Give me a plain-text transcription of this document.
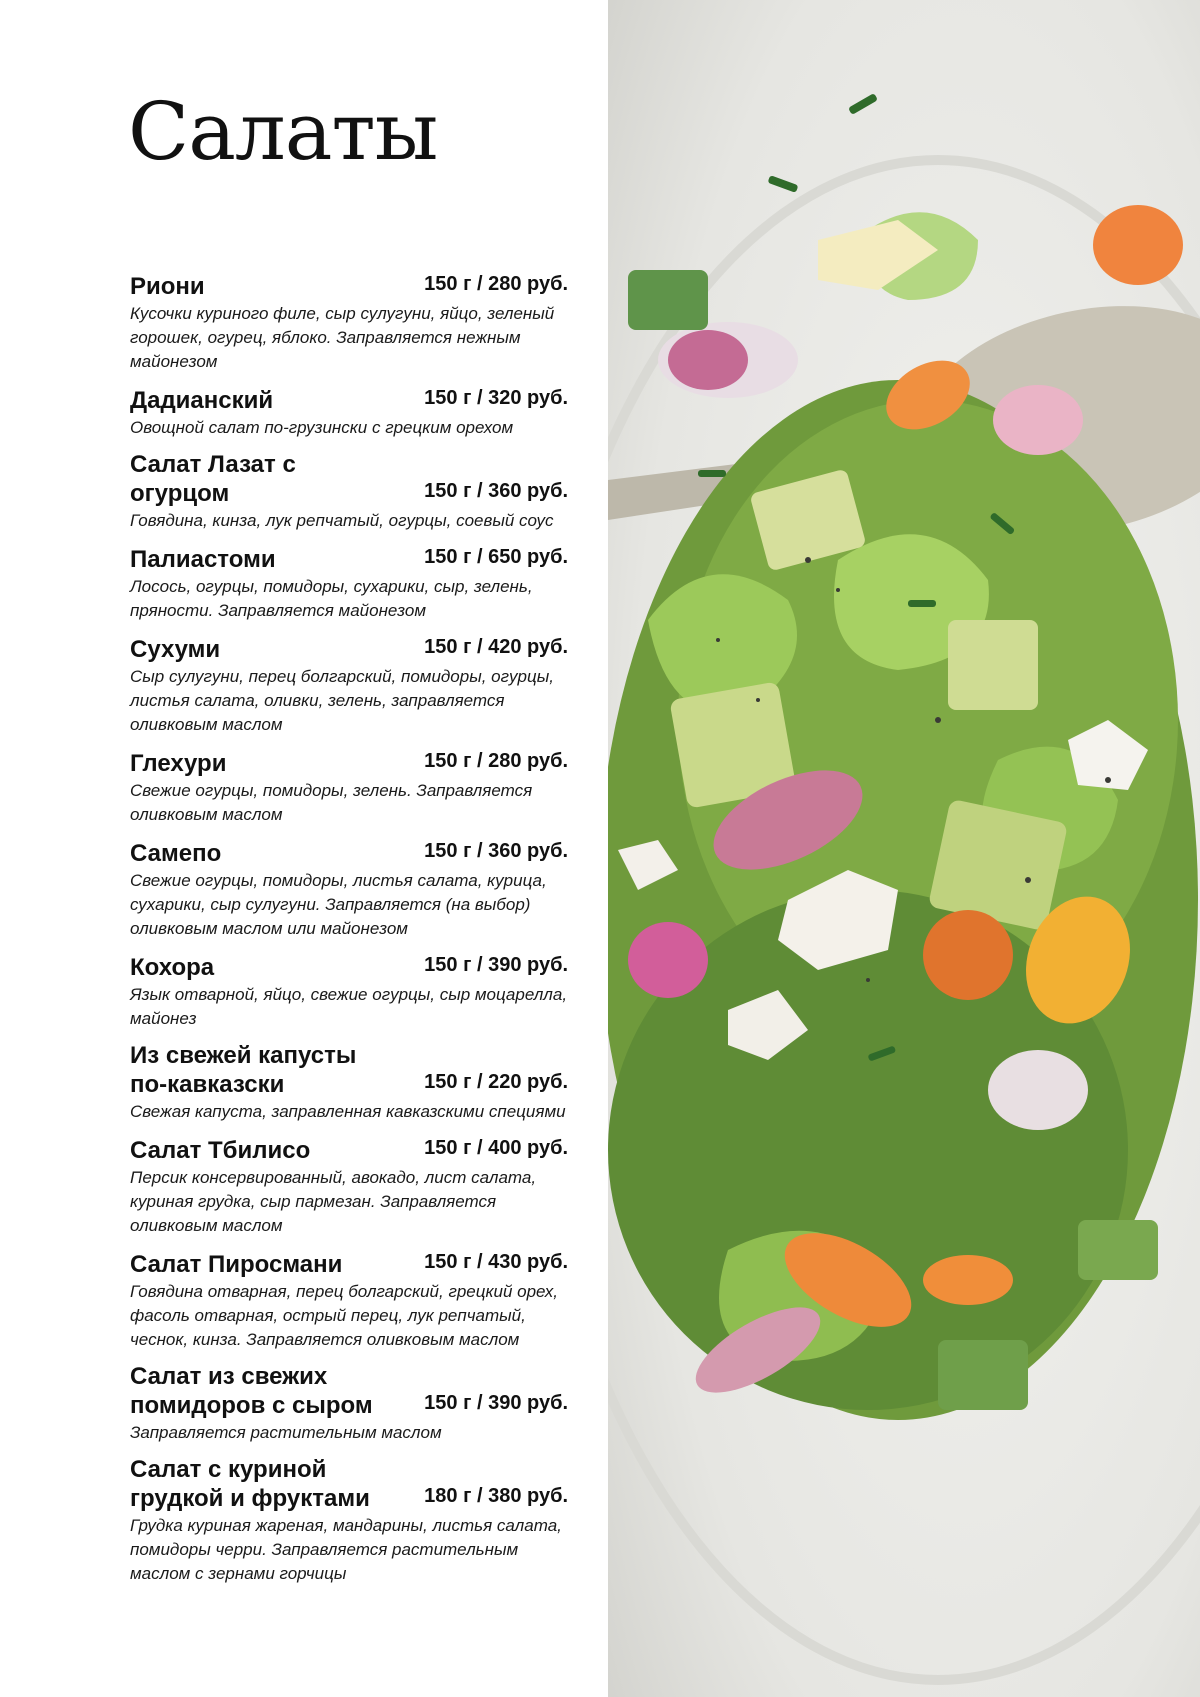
Салаты
Риони	150 г / 280 руб.
Кусочки куриного филе, сыр сулугуни, яйцо, зеленый горошек, огурец, яблоко. Заправляется нежным майонезом
Дадианский	150 г / 320 руб.
Овощной салат по-грузински с грецким орехом
Салат Лазат с огурцом	150 г / 360 руб.
Говядина, кинза, лук репчатый, огурцы, соевый соус
Палиастоми	150 г / 650 руб.
Лосось, огурцы, помидоры, сухарики, сыр, зелень, пряности. Заправляется майонезом
Сухуми	150 г / 420 руб.
Сыр сулугуни, перец болгарский, помидоры, огурцы, листья салата, оливки, зелень, заправляется оливковым маслом
Глехури	150 г / 280 руб.
Свежие огурцы, помидоры, зелень. Заправляется оливковым маслом
Самепо	150 г / 360 руб.
Свежие огурцы, помидоры, листья салата, курица, сухарики, сыр сулугуни. Заправляется (на выбор) оливковым маслом или майонезом
Кохора	150 г / 390 руб.
Язык отварной, яйцо, свежие огурцы, сыр моцарелла, майонез
Из свежей капусты по-кавказски	150 г / 220 руб.
Свежая капуста, заправленная кавказскими специями
Салат Тбилисо	150 г / 400 руб.
Персик консервированный, авокадо, лист салата, куриная грудка, сыр пармезан. Заправляется оливковым маслом
Салат Пиросмани	150 г / 430 руб.
Говядина отварная, перец болгарский, грецкий орех, фасоль отварная, острый перец, лук репчатый, чеснок, кинза. Заправляется оливковым маслом
Салат из свежих помидоров с сыром	150 г / 390 руб.
Заправляется растительным маслом
Салат с куриной грудкой и фруктами	180 г / 380 руб.
Грудка куриная жареная, мандарины, листья салата, помидоры черри. Заправляется растительным маслом с зернами горчицы
